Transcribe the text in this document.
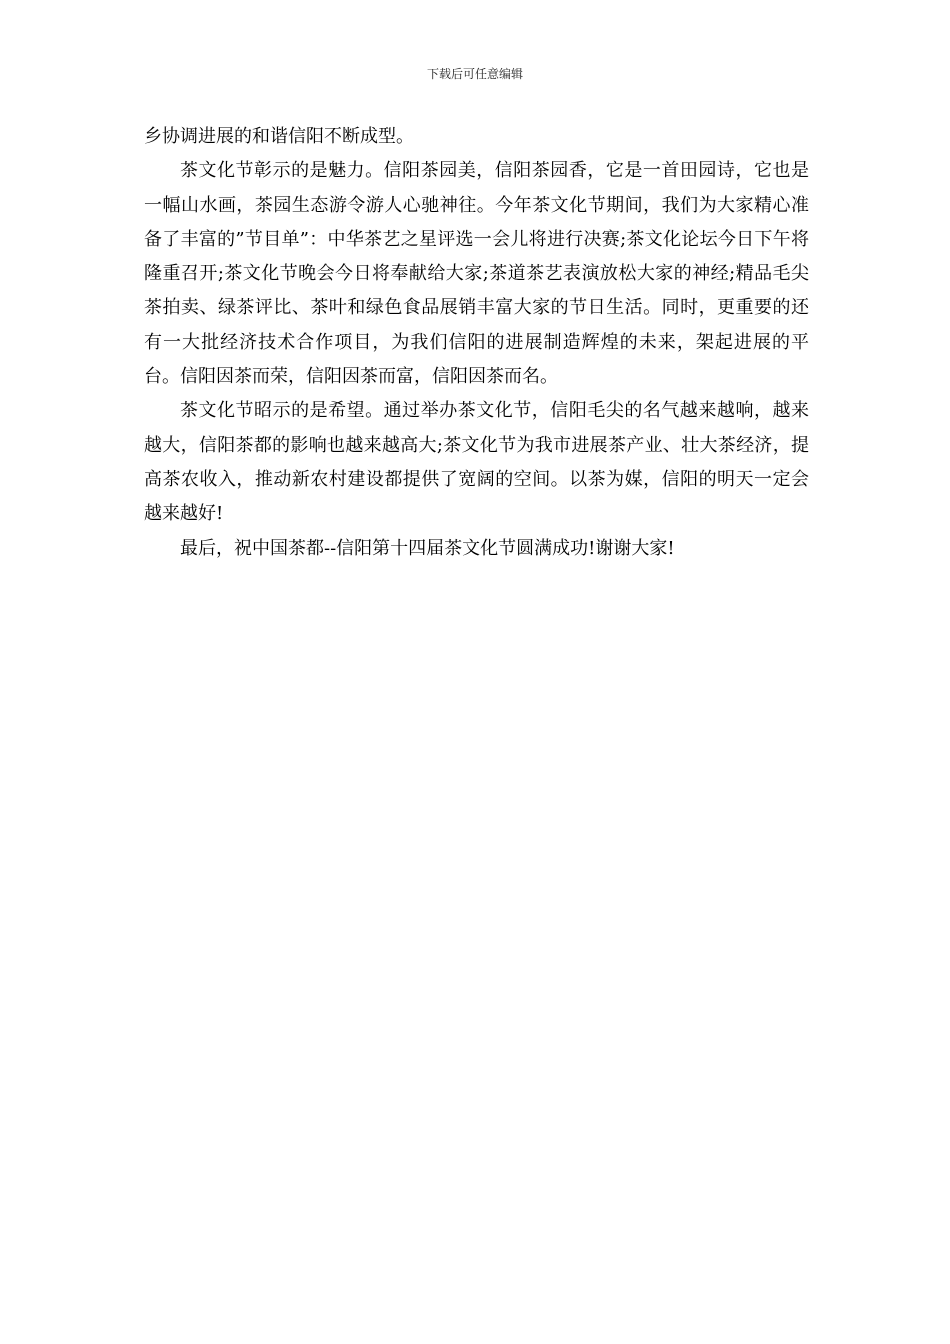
下载后可任意编辑

乡协调进展的和谐信阳不断成型。

茶文化节彰示的是魅力。信阳茶园美，信阳茶园香，它是一首田园诗，它也是一幅山水画，茶园生态游令游人心驰神往。今年茶文化节期间，我们为大家精心准备了丰富的”节目单”：中华茶艺之星评选一会儿将进行决赛;茶文化论坛今日下午将隆重召开;茶文化节晚会今日将奉献给大家;茶道茶艺表演放松大家的神经;精品毛尖茶拍卖、绿茶评比、茶叶和绿色食品展销丰富大家的节日生活。同时，更重要的还有一大批经济技术合作项目，为我们信阳的进展制造辉煌的未来，架起进展的平台。信阳因茶而荣，信阳因茶而富，信阳因茶而名。

茶文化节昭示的是希望。通过举办茶文化节，信阳毛尖的名气越来越响，越来越大，信阳茶都的影响也越来越高大;茶文化节为我市进展茶产业、壮大茶经济，提高茶农收入，推动新农村建设都提供了宽阔的空间。以茶为媒，信阳的明天一定会越来越好!

最后，祝中国茶都--信阳第十四届茶文化节圆满成功!谢谢大家!
